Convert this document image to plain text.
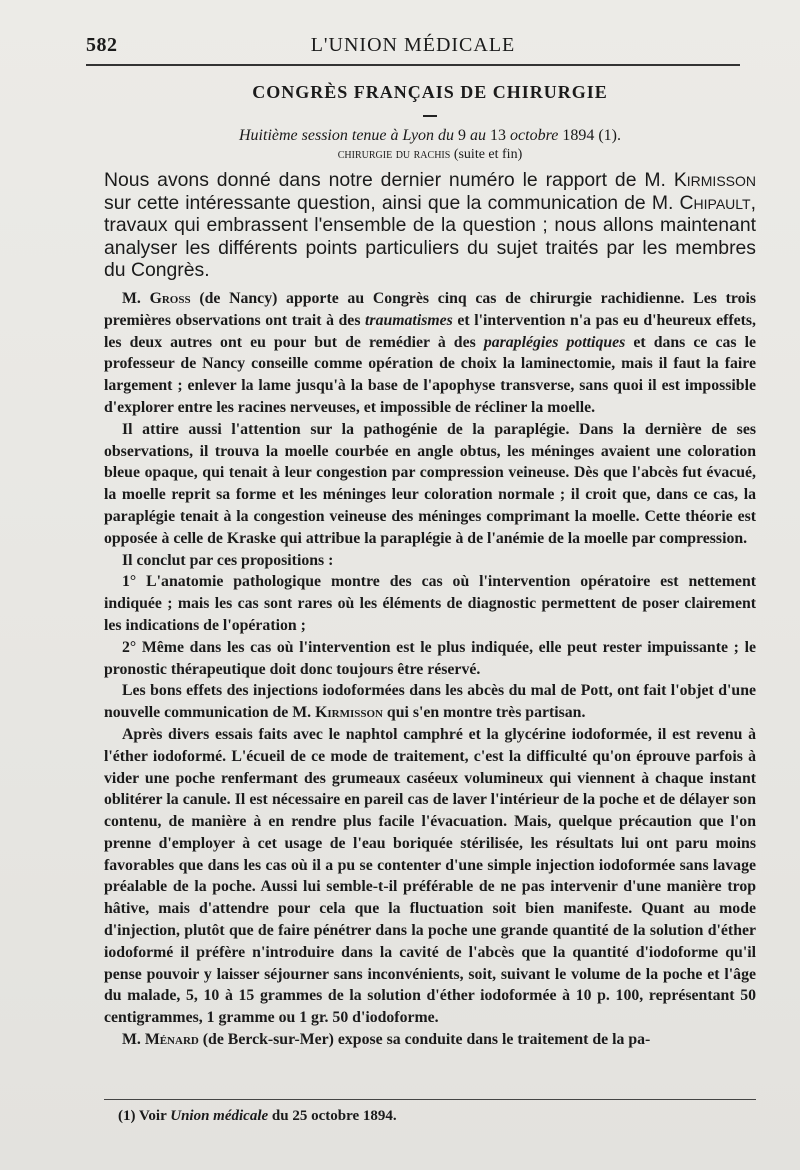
582	L'UNION MÉDICALE
CONGRÈS FRANÇAIS DE CHIRURGIE

Huitième session tenue à Lyon du 9 au 13 octobre 1894 (1).

chirurgie du rachis (suite et fin)

Nous avons donné dans notre dernier numéro le rapport de M. Kirmisson sur cette intéressante question, ainsi que la communication de M. Chipault, travaux qui embrassent l'ensemble de la question ; nous allons maintenant analyser les différents points particuliers du sujet traités par les membres du Congrès.

M. Gross (de Nancy) apporte au Congrès cinq cas de chirurgie rachidienne. Les trois premières observations ont trait à des traumatismes et l'intervention n'a pas eu d'heureux effets, les deux autres ont eu pour but de remédier à des paraplégies pottiques et dans ce cas le professeur de Nancy conseille comme opération de choix la laminectomie, mais il faut la faire largement ; enlever la lame jusqu'à la base de l'apophyse transverse, sans quoi il est impossible d'explorer entre les racines nerveuses, et impossible de récliner la moelle.

Il attire aussi l'attention sur la pathogénie de la paraplégie. Dans la dernière de ses observations, il trouva la moelle courbée en angle obtus, les méninges avaient une coloration bleue opaque, qui tenait à leur congestion par compression veineuse. Dès que l'abcès fut évacué, la moelle reprit sa forme et les méninges leur coloration normale ; il croit que, dans ce cas, la paraplégie tenait à la congestion veineuse des méninges comprimant la moelle. Cette théorie est opposée à celle de Kraske qui attribue la paraplégie à de l'anémie de la moelle par compression.

Il conclut par ces propositions :

1° L'anatomie pathologique montre des cas où l'intervention opératoire est nettement indiquée ; mais les cas sont rares où les éléments de diagnostic permettent de poser clairement les indications de l'opération ;

2° Même dans les cas où l'intervention est le plus indiquée, elle peut rester impuissante ; le pronostic thérapeutique doit donc toujours être réservé.

Les bons effets des injections iodoformées dans les abcès du mal de Pott, ont fait l'objet d'une nouvelle communication de M. Kirmisson qui s'en montre très partisan.

Après divers essais faits avec le naphtol camphré et la glycérine iodoformée, il est revenu à l'éther iodoformé. L'écueil de ce mode de traitement, c'est la difficulté qu'on éprouve parfois à vider une poche renfermant des grumeaux caséeux volumineux qui viennent à chaque instant oblitérer la canule. Il est nécessaire en pareil cas de laver l'intérieur de la poche et de délayer son contenu, de manière à en rendre plus facile l'évacuation. Mais, quelque précaution que l'on prenne d'employer à cet usage de l'eau boriquée stérilisée, les résultats lui ont paru moins favorables que dans les cas où il a pu se contenter d'une simple injection iodoformée sans lavage préalable de la poche. Aussi lui semble-t-il préférable de ne pas intervenir d'une manière trop hâtive, mais d'attendre pour cela que la fluctuation soit bien manifeste. Quant au mode d'injection, plutôt que de faire pénétrer dans la poche une grande quantité de la solution d'éther iodoformé il préfère n'introduire dans la cavité de l'abcès que la quantité d'iodoforme qu'il pense pouvoir y laisser séjourner sans inconvénients, soit, suivant le volume de la poche et l'âge du malade, 5, 10 à 15 grammes de la solution d'éther iodoformée à 10 p. 100, représentant 50 centigrammes, 1 gramme ou 1 gr. 50 d'iodoforme.

M. Ménard (de Berck-sur-Mer) expose sa conduite dans le traitement de la pa-

(1) Voir Union médicale du 25 octobre 1894.
